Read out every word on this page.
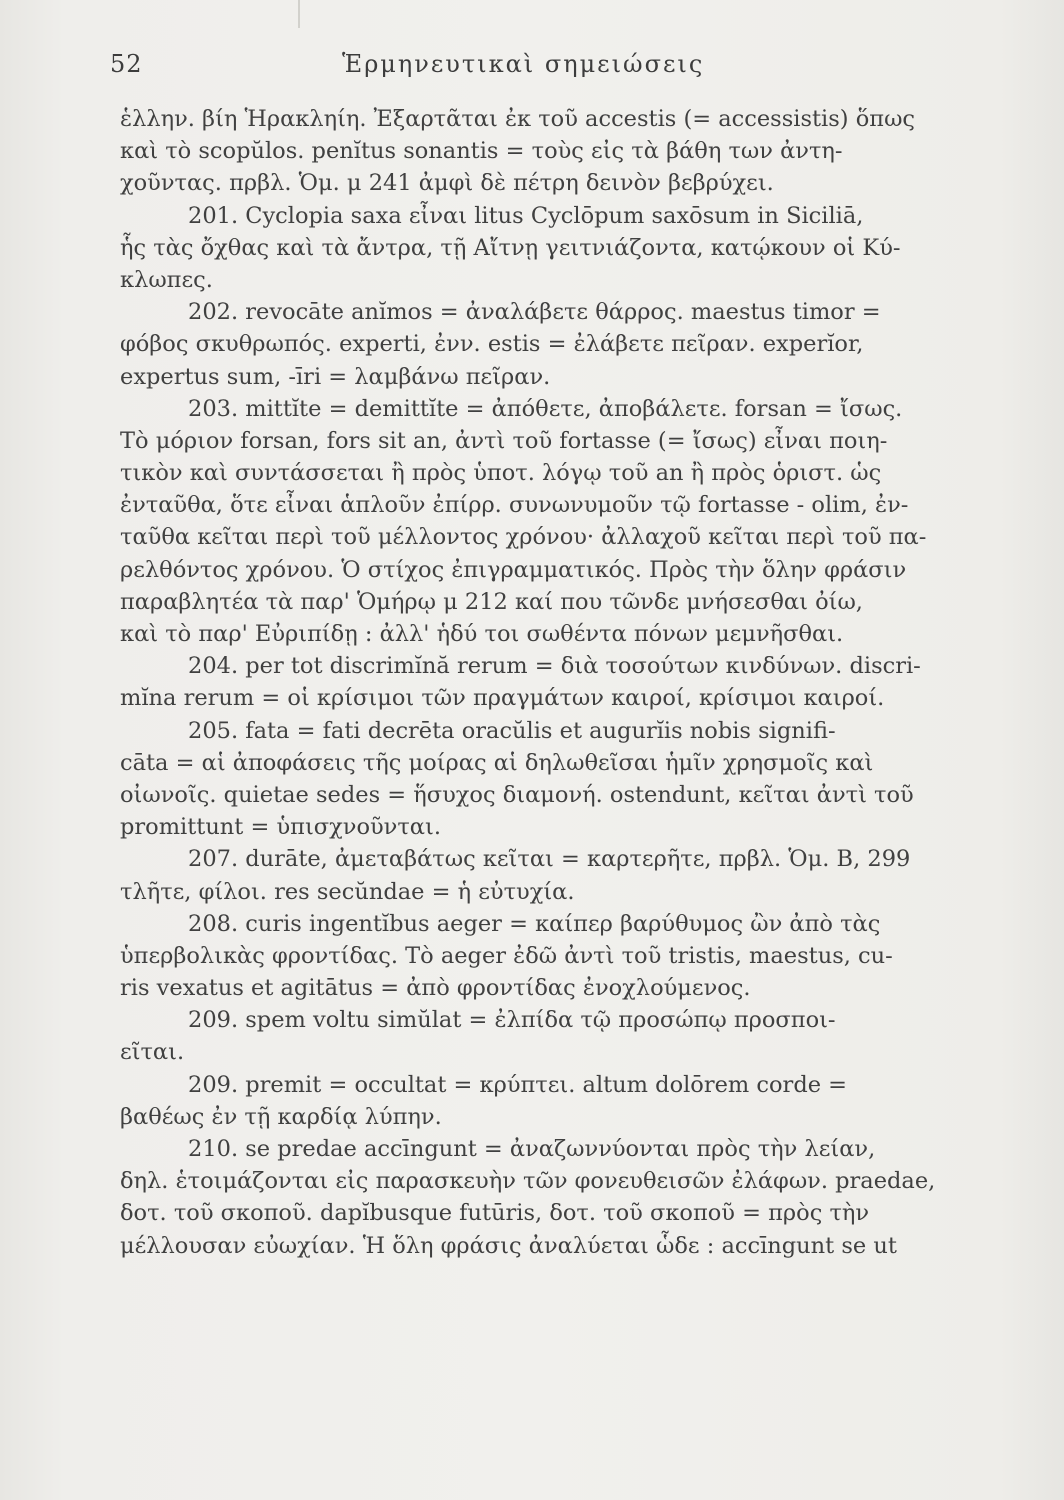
52	Ἑρμηνευτικαὶ σημειώσεις
ἑλλην. βίη Ἡρακληίη. Ἐξαρτᾶται ἐκ τοῦ accestis (= accessistis) ὅπως
καὶ τὸ scopŭlos. penĭtus sonantis = τοὺς εἰς τὰ βάθη των ἀντη-
χοῦντας. πρβλ. Ὁμ. μ 241 ἀμφὶ δὲ πέτρη δεινὸν βεβρύχει.
201. Cyclopia saxa εἶναι litus Cyclōpum saxōsum in Siciliā,
ἧς τὰς ὄχθας καὶ τὰ ἄντρα, τῇ Αἴτνῃ γειτνιάζοντα, κατῴκουν οἱ Κύ-
κλωπες.
202. revocāte anĭmos = ἀναλάβετε θάρρος. maestus timor =
φόβος σκυθρωπός. experti, ἐνν. estis = ἐλάβετε πεῖραν. experĭor,
expertus sum, -īri = λαμβάνω πεῖραν.
203. mittĭte = demittĭte = ἀπόθετε, ἀποβάλετε. forsan = ἴσως.
Τὸ μόριον forsan, fors sit an, ἀντὶ τοῦ fortasse (= ἴσως) εἶναι ποιη-
τικὸν καὶ συντάσσεται ἢ πρὸς ὑποτ. λόγῳ τοῦ an ἢ πρὸς ὁριστ. ὡς
ἐνταῦθα, ὅτε εἶναι ἁπλοῦν ἐπίρρ. συνωνυμοῦν τῷ fortasse - olim, ἐν-
ταῦθα κεῖται περὶ τοῦ μέλλοντος χρόνου· ἀλλαχοῦ κεῖται περὶ τοῦ πα-
ρελθόντος χρόνου. Ὁ στίχος ἐπιγραμματικός. Πρὸς τὴν ὅλην φράσιν
παραβλητέα τὰ παρ' Ὁμήρῳ μ 212 καί που τῶνδε μνήσεσθαι ὀίω,
καὶ τὸ παρ' Εὐριπίδῃ : ἀλλ' ἡδύ τοι σωθέντα πόνων μεμνῆσθαι.
204. per tot discrimĭnă rerum = διὰ τοσούτων κινδύνων. discri-
mĭna rerum = οἱ κρίσιμοι τῶν πραγμάτων καιροί, κρίσιμοι καιροί.
205. fata = fati decrēta oracŭlis et augurĭis nobis signifi-
cāta = αἱ ἀποφάσεις τῆς μοίρας αἱ δηλωθεῖσαι ἡμῖν χρησμοῖς καὶ
οἰωνοῖς. quietae sedes = ἥσυχος διαμονή. ostendunt, κεῖται ἀντὶ τοῦ
promittunt = ὑπισχνοῦνται.
207. durāte, ἀμεταβάτως κεῖται = καρτερῆτε, πρβλ. Ὁμ. Β, 299
τλῆτε, φίλοι. res secŭndae = ἡ εὐτυχία.
208. curis ingentĭbus aeger = καίπερ βαρύθυμος ὢν ἀπὸ τὰς
ὑπερβολικὰς φροντίδας. Τὸ aeger ἐδῶ ἀντὶ τοῦ tristis, maestus, cu-
ris vexatus et agitātus = ἀπὸ φροντίδας ἐνοχλούμενος.
209. spem voltu simŭlat = ἐλπίδα τῷ προσώπῳ προσποι-
εῖται.
209. premit = occultat = κρύπτει. altum dolōrem corde =
βαθέως ἐν τῇ καρδίᾳ λύπην.
210. se predae accīngunt = ἀναζωννύονται πρὸς τὴν λείαν,
δηλ. ἑτοιμάζονται εἰς παρασκευὴν τῶν φονευθεισῶν ἐλάφων. praedae,
δοτ. τοῦ σκοποῦ. dapĭbusque futūris, δοτ. τοῦ σκοποῦ = πρὸς τὴν
μέλλουσαν εὐωχίαν. Ἡ ὅλη φράσις ἀναλύεται ὧδε : accīngunt se ut
